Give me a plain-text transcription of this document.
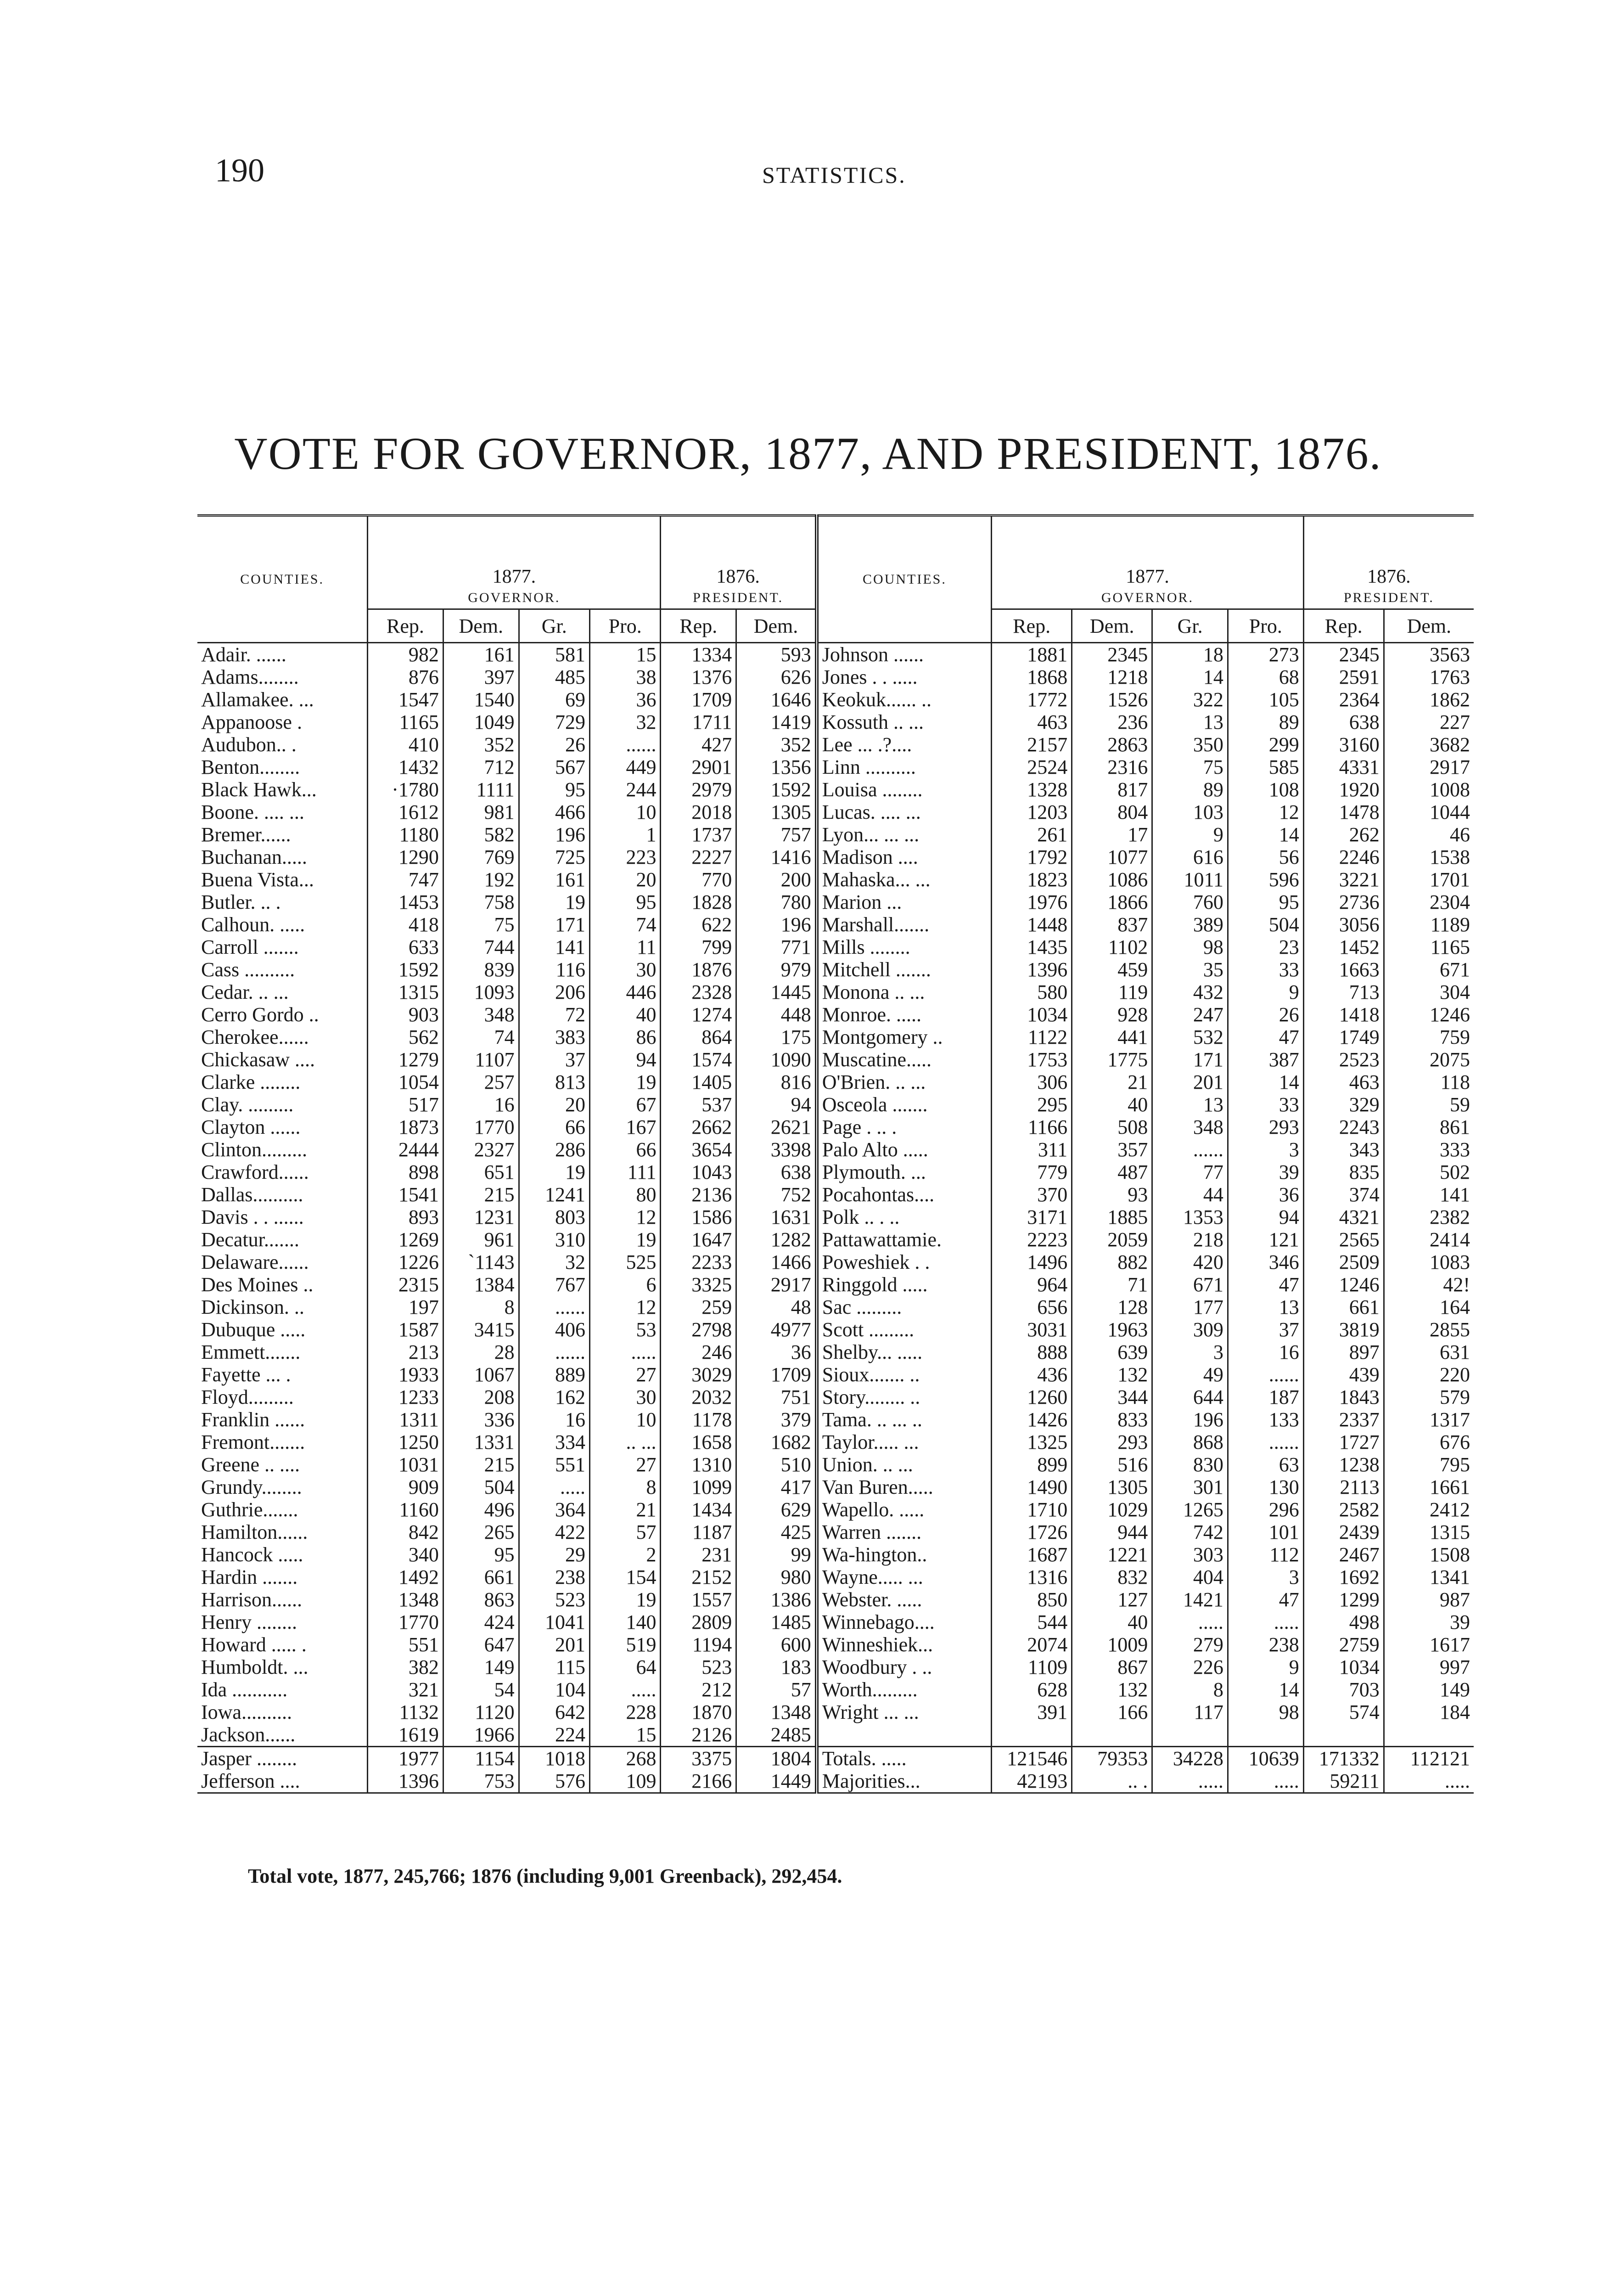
190	STATISTICS.
VOTE FOR GOVERNOR, 1877, AND PRESIDENT, 1876.
COUNTIES.	1877.
GOVERNOR.				1876.
PRESIDENT.		COUNTIES.	1877.
GOVERNOR.				1876.
PRESIDENT.	

	Rep.	Dem.	Gr.	Pro.	Rep.	Dem.		Rep.	Dem.	Gr.	Pro.	Rep.	Dem.
Adair. ......	982	161	581	15	1334	593	Johnson ......	1881	2345	18	273	2345	3563
Adams........	876	397	485	38	1376	626	Jones . . .....	1868	1218	14	68	2591	1763
Allamakee. ...	1547	1540	69	36	1709	1646	Keokuk...... ..	1772	1526	322	105	2364	1862
Appanoose .	1165	1049	729	32	1711	1419	Kossuth .. ...	463	236	13	89	638	227
Audubon.. .	410	352	26	......	427	352	Lee ... .?....	2157	2863	350	299	3160	3682
Benton........	1432	712	567	449	2901	1356	Linn ..........	2524	2316	75	585	4331	2917
Black Hawk...	·1780	1111	95	244	2979	1592	Louisa ........	1328	817	89	108	1920	1008
Boone. .... ...	1612	981	466	10	2018	1305	Lucas. .... ...	1203	804	103	12	1478	1044
Bremer......	1180	582	196	1	1737	757	Lyon... ... ...	261	17	9	14	262	46
Buchanan.....	1290	769	725	223	2227	1416	Madison ....	1792	1077	616	56	2246	1538
Buena Vista...	747	192	161	20	770	200	Mahaska... ...	1823	1086	1011	596	3221	1701
Butler. .. .	1453	758	19	95	1828	780	Marion ...	1976	1866	760	95	2736	2304
Calhoun. .....	418	75	171	74	622	196	Marshall.......	1448	837	389	504	3056	1189
Carroll .......	633	744	141	11	799	771	Mills ........	1435	1102	98	23	1452	1165
Cass ..........	1592	839	116	30	1876	979	Mitchell .......	1396	459	35	33	1663	671
Cedar. .. ...	1315	1093	206	446	2328	1445	Monona .. ...	580	119	432	9	713	304
Cerro Gordo ..	903	348	72	40	1274	448	Monroe. .....	1034	928	247	26	1418	1246
Cherokee......	562	74	383	86	864	175	Montgomery ..	1122	441	532	47	1749	759
Chickasaw ....	1279	1107	37	94	1574	1090	Muscatine.....	1753	1775	171	387	2523	2075
Clarke ........	1054	257	813	19	1405	816	O'Brien. .. ...	306	21	201	14	463	118
Clay. .........	517	16	20	67	537	94	Osceola .......	295	40	13	33	329	59
Clayton ......	1873	1770	66	167	2662	2621	Page . .. .	1166	508	348	293	2243	861
Clinton.........	2444	2327	286	66	3654	3398	Palo Alto .....	311	357	......	3	343	333
Crawford......	898	651	19	111	1043	638	Plymouth. ...	779	487	77	39	835	502
Dallas..........	1541	215	1241	80	2136	752	Pocahontas....	370	93	44	36	374	141
Davis . . ......	893	1231	803	12	1586	1631	Polk .. . ..	3171	1885	1353	94	4321	2382
Decatur.......	1269	961	310	19	1647	1282	Pattawattamie.	2223	2059	218	121	2565	2414
Delaware......	1226	`1143	32	525	2233	1466	Poweshiek . .	1496	882	420	346	2509	1083
Des Moines ..	2315	1384	767	6	3325	2917	Ringgold .....	964	71	671	47	1246	42!
Dickinson. ..	197	8	......	12	259	48	Sac .........	656	128	177	13	661	164
Dubuque .....	1587	3415	406	53	2798	4977	Scott .........	3031	1963	309	37	3819	2855
Emmett.......	213	28	......	.....	246	36	Shelby... .....	888	639	3	16	897	631
Fayette ... .	1933	1067	889	27	3029	1709	Sioux....... ..	436	132	49	......	439	220
Floyd.........	1233	208	162	30	2032	751	Story........ ..	1260	344	644	187	1843	579
Franklin ......	1311	336	16	10	1178	379	Tama. .. ... ..	1426	833	196	133	2337	1317
Fremont.......	1250	1331	334	.. ...	1658	1682	Taylor..... ...	1325	293	868	......	1727	676
Greene .. ....	1031	215	551	27	1310	510	Union. .. ...	899	516	830	63	1238	795
Grundy........	909	504	.....	8	1099	417	Van Buren.....	1490	1305	301	130	2113	1661
Guthrie.......	1160	496	364	21	1434	629	Wapello. .....	1710	1029	1265	296	2582	2412
Hamilton......	842	265	422	57	1187	425	Warren .......	1726	944	742	101	2439	1315
Hancock .....	340	95	29	2	231	99	Wa-hington..	1687	1221	303	112	2467	1508
Hardin .......	1492	661	238	154	2152	980	Wayne..... ...	1316	832	404	3	1692	1341
Harrison......	1348	863	523	19	1557	1386	Webster. .....	850	127	1421	47	1299	987
Henry ........	1770	424	1041	140	2809	1485	Winnebago....	544	40	.....	.....	498	39
Howard ..... .	551	647	201	519	1194	600	Winneshiek...	2074	1009	279	238	2759	1617
Humboldt. ...	382	149	115	64	523	183	Woodbury . ..	1109	867	226	9	1034	997
Ida ...........	321	54	104	.....	212	57	Worth.........	628	132	8	14	703	149
Iowa..........	1132	1120	642	228	1870	1348	Wright ... ...	391	166	117	98	574	184
Jackson......	1619	1966	224	15	2126	2485							
Jasper ........	1977	1154	1018	268	3375	1804	Totals. .....	121546	79353	34228	10639	171332	112121
Jefferson ....	1396	753	576	109	2166	1449	Majorities...	42193	.. .	.....	.....	59211	.....
Total vote, 1877, 245,766; 1876 (including 9,001 Greenback), 292,454.
